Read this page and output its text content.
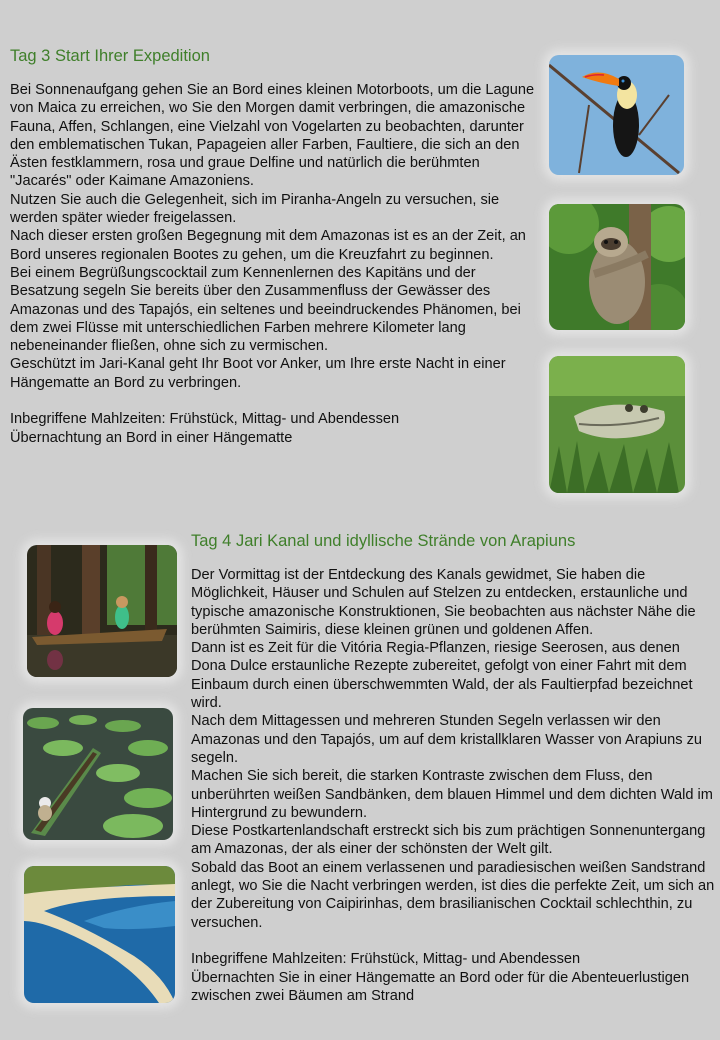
Tag 3 Start Ihrer Expedition

Bei Sonnenaufgang gehen Sie an Bord eines kleinen Motorboots, um die Lagune von Maica zu erreichen, wo Sie den Morgen damit verbringen, die amazonische Fauna, Affen, Schlangen, eine Vielzahl von Vogelarten zu beobachten, darunter den emblematischen Tukan, Papageien aller Farben, Faultiere, die sich an den Ästen festklammern, rosa und graue Delfine und natürlich die berühmten "Jacarés" oder Kaimane Amazoniens.

Nutzen Sie auch die Gelegenheit, sich im Piranha-Angeln zu versuchen, sie werden später wieder freigelassen.

Nach dieser ersten großen Begegnung mit dem Amazonas ist es an der Zeit, an Bord unseres regionalen Bootes zu gehen, um die Kreuzfahrt zu beginnen.

Bei einem Begrüßungscocktail zum Kennenlernen des Kapitäns und der Besatzung segeln Sie bereits über den Zusammenfluss der Gewässer des Amazonas und des Tapajós, ein seltenes und beeindruckendes Phänomen, bei dem zwei Flüsse mit unterschiedlichen Farben mehrere Kilometer lang nebeneinander fließen, ohne sich zu vermischen.

Geschützt im Jari-Kanal geht Ihr Boot vor Anker, um Ihre erste Nacht in einer Hängematte an Bord zu verbringen.

Inbegriffene Mahlzeiten: Frühstück, Mittag- und Abendessen

Übernachtung an Bord in einer Hängematte

Tag 4 Jari Kanal und idyllische Strände von Arapiuns

Der Vormittag ist der Entdeckung des Kanals gewidmet, Sie haben die Möglichkeit, Häuser und Schulen auf Stelzen zu entdecken, erstaunliche und typische amazonische Konstruktionen, Sie beobachten aus nächster Nähe die berühmten Saimiris, diese kleinen grünen und goldenen Affen.

Dann ist es Zeit für die Vitória Regia-Pflanzen, riesige Seerosen, aus denen Dona Dulce erstaunliche Rezepte zubereitet, gefolgt von einer Fahrt mit dem Einbaum durch einen überschwemmten Wald, der als Faultierpfad bezeichnet wird.

Nach dem Mittagessen und mehreren Stunden Segeln verlassen wir den Amazonas und den Tapajós, um auf dem kristallklaren Wasser von Arapiuns zu segeln.

Machen Sie sich bereit, die starken Kontraste zwischen dem Fluss, den unberührten weißen Sandbänken, dem blauen Himmel und dem dichten Wald im Hintergrund zu bewundern.

Diese Postkartenlandschaft erstreckt sich bis zum prächtigen Sonnenuntergang am Amazonas, der als einer der schönsten der Welt gilt.

Sobald das Boot an einem verlassenen und paradiesischen weißen Sandstrand anlegt, wo Sie die Nacht verbringen werden, ist dies die perfekte Zeit, um sich an der Zubereitung von Caipirinhas, dem brasilianischen Cocktail schlechthin, zu versuchen.

Inbegriffene Mahlzeiten: Frühstück, Mittag- und Abendessen

Übernachten Sie in einer Hängematte an Bord oder für die Abenteuerlustigen zwischen zwei Bäumen am Strand
